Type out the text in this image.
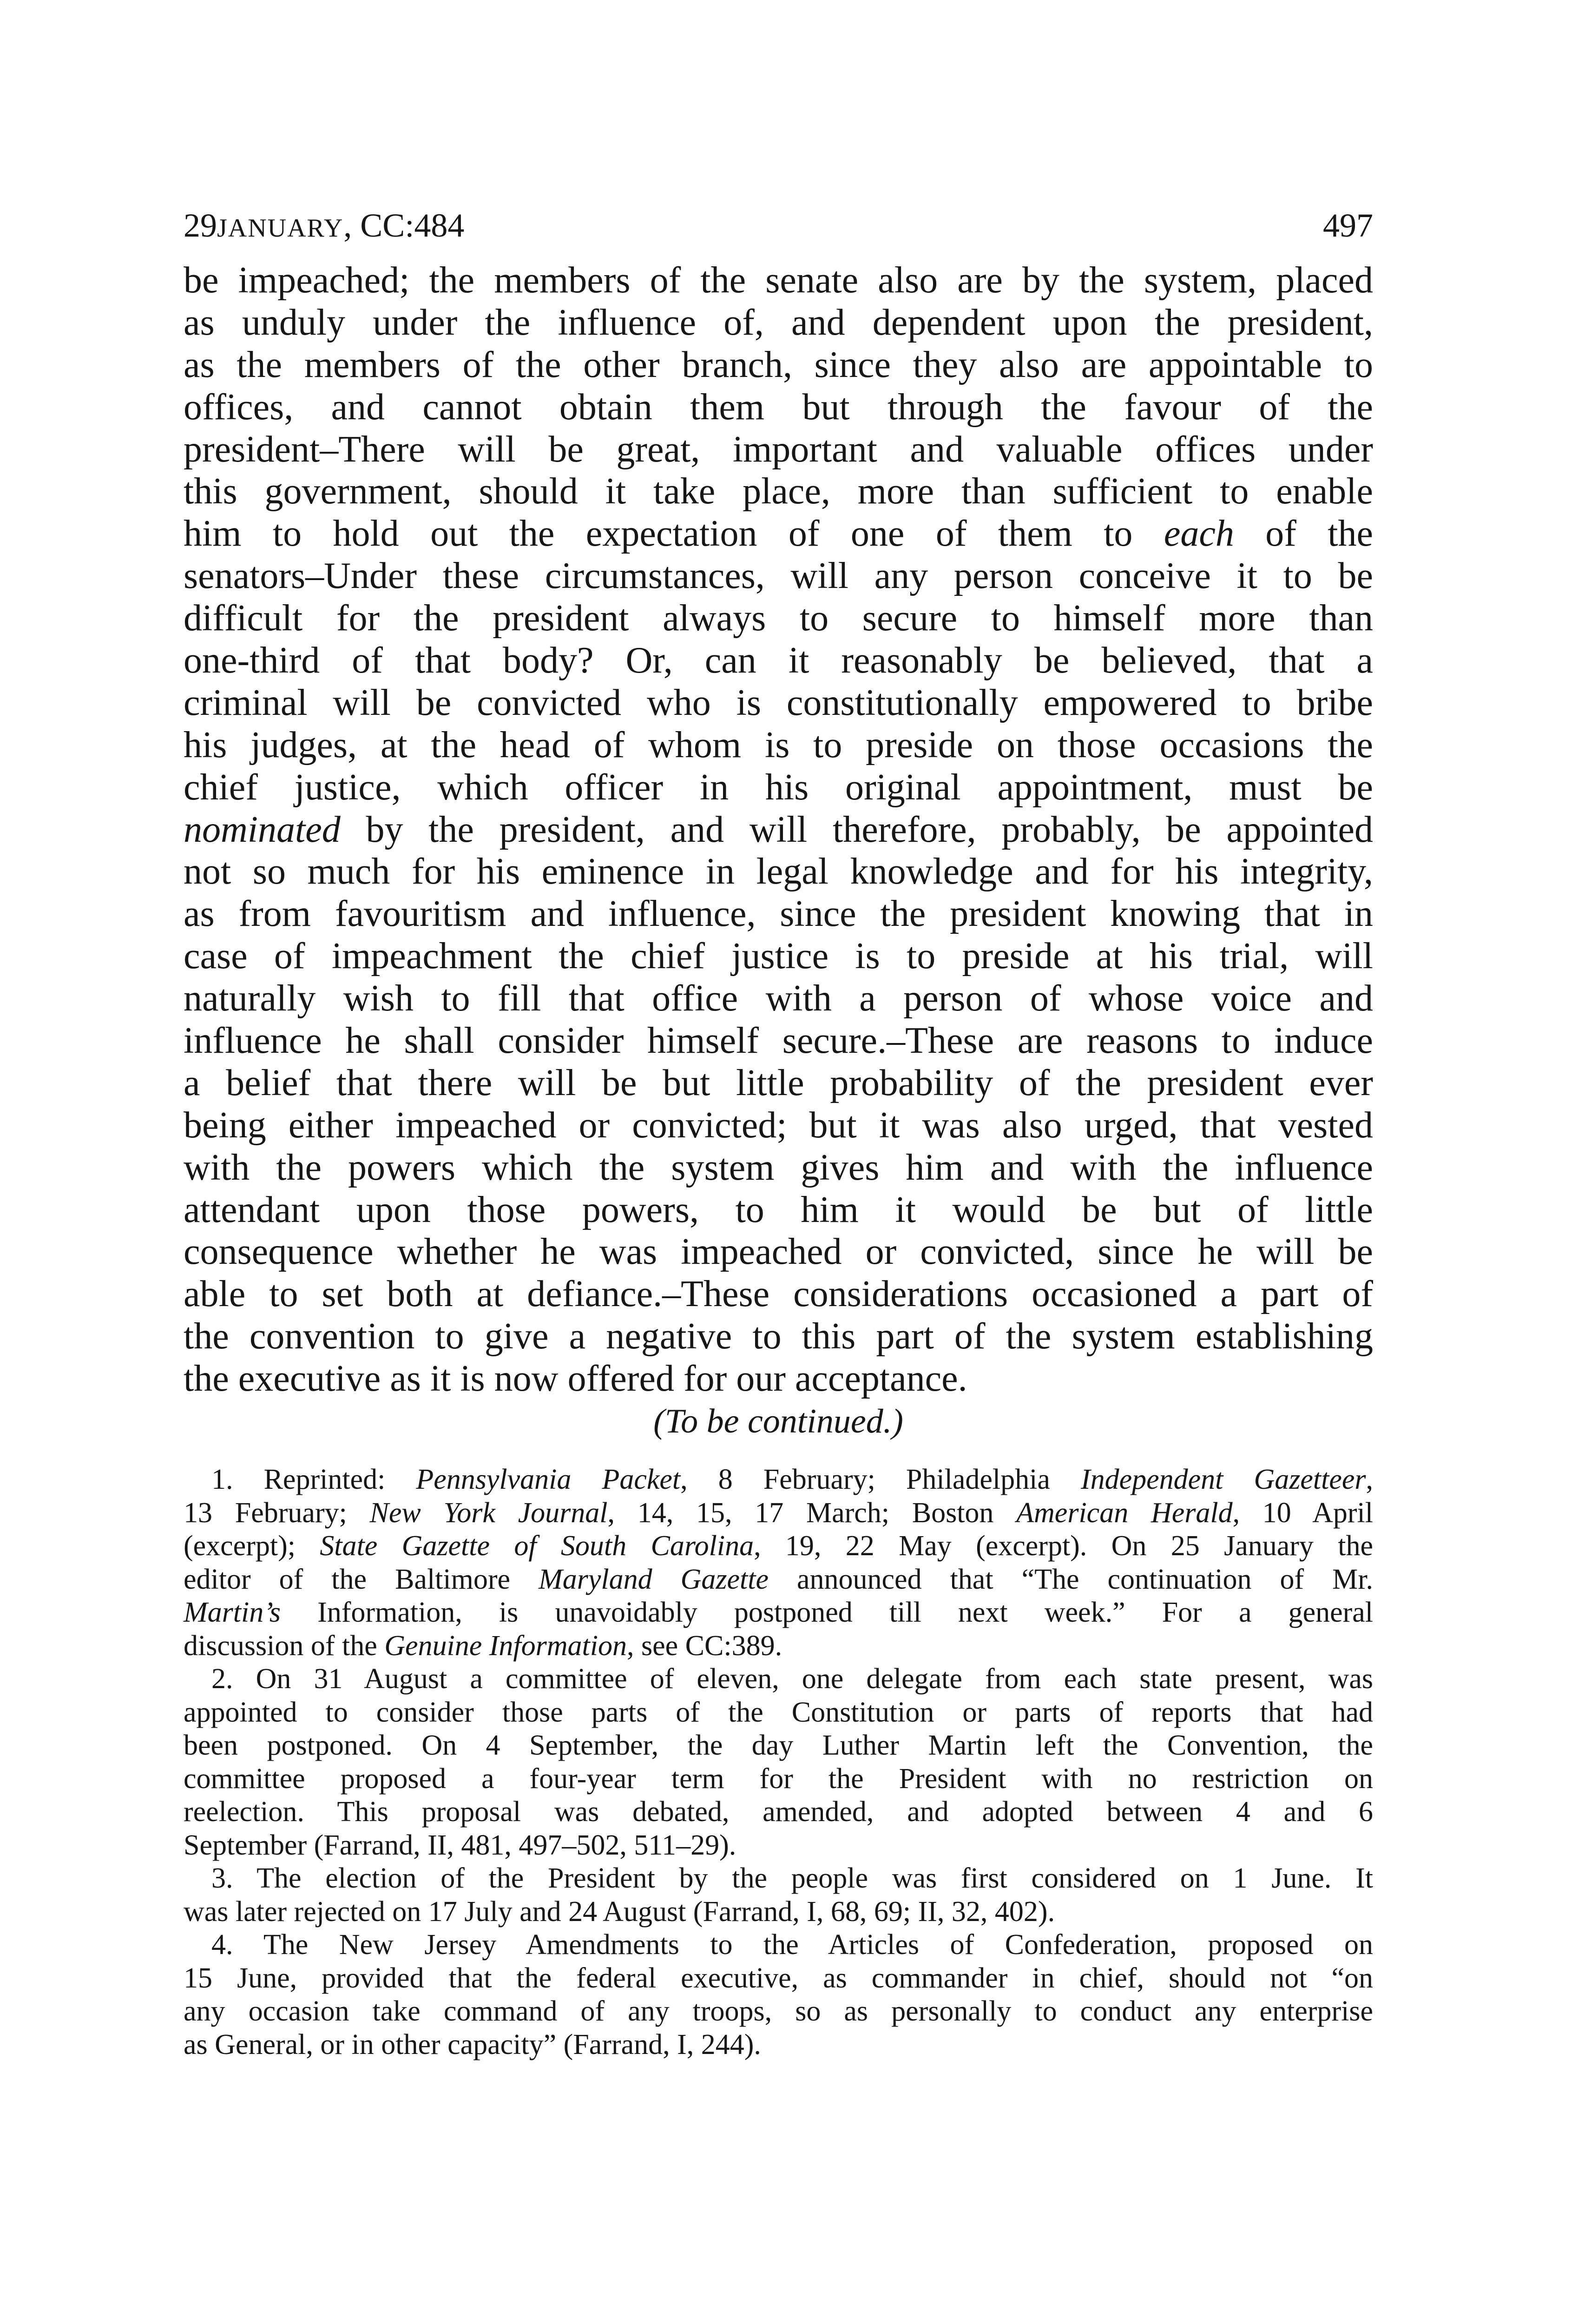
29JANUARY, CC:484	497
be impeached; the members of the senate also are by the system, placed
as unduly under the influence of, and dependent upon the president,
as the members of the other branch, since they also are appointable to
offices, and cannot obtain them but through the favour of the
president–There will be great, important and valuable offices under
this government, should it take place, more than sufficient to enable
him to hold out the expectation of one of them to each of the
senators–Under these circumstances, will any person conceive it to be
difficult for the president always to secure to himself more than
one-third of that body? Or, can it reasonably be believed, that a
criminal will be convicted who is constitutionally empowered to bribe
his judges, at the head of whom is to preside on those occasions the
chief justice, which officer in his original appointment, must be
nominated by the president, and will therefore, probably, be appointed
not so much for his eminence in legal knowledge and for his integrity,
as from favouritism and influence, since the president knowing that in
case of impeachment the chief justice is to preside at his trial, will
naturally wish to fill that office with a person of whose voice and
influence he shall consider himself secure.–These are reasons to induce
a belief that there will be but little probability of the president ever
being either impeached or convicted; but it was also urged, that vested
with the powers which the system gives him and with the influence
attendant upon those powers, to him it would be but of little
consequence whether he was impeached or convicted, since he will be
able to set both at defiance.–These considerations occasioned a part of
the convention to give a negative to this part of the system establishing
the executive as it is now offered for our acceptance.
(To be continued.)
1. Reprinted: Pennsylvania Packet, 8 February; Philadelphia Independent Gazetteer,
13 February; New York Journal, 14, 15, 17 March; Boston American Herald, 10 April
(excerpt); State Gazette of South Carolina, 19, 22 May (excerpt). On 25 January the
editor of the Baltimore Maryland Gazette announced that “The continuation of Mr.
Martin’s Information, is unavoidably postponed till next week.” For a general
discussion of the Genuine Information, see CC:389.
2. On 31 August a committee of eleven, one delegate from each state present, was
appointed to consider those parts of the Constitution or parts of reports that had
been postponed. On 4 September, the day Luther Martin left the Convention, the
committee proposed a four-year term for the President with no restriction on
reelection. This proposal was debated, amended, and adopted between 4 and 6
September (Farrand, II, 481, 497–502, 511–29).
3. The election of the President by the people was first considered on 1 June. It
was later rejected on 17 July and 24 August (Farrand, I, 68, 69; II, 32, 402).
4. The New Jersey Amendments to the Articles of Confederation, proposed on
15 June, provided that the federal executive, as commander in chief, should not “on
any occasion take command of any troops, so as personally to conduct any enterprise
as General, or in other capacity” (Farrand, I, 244).
